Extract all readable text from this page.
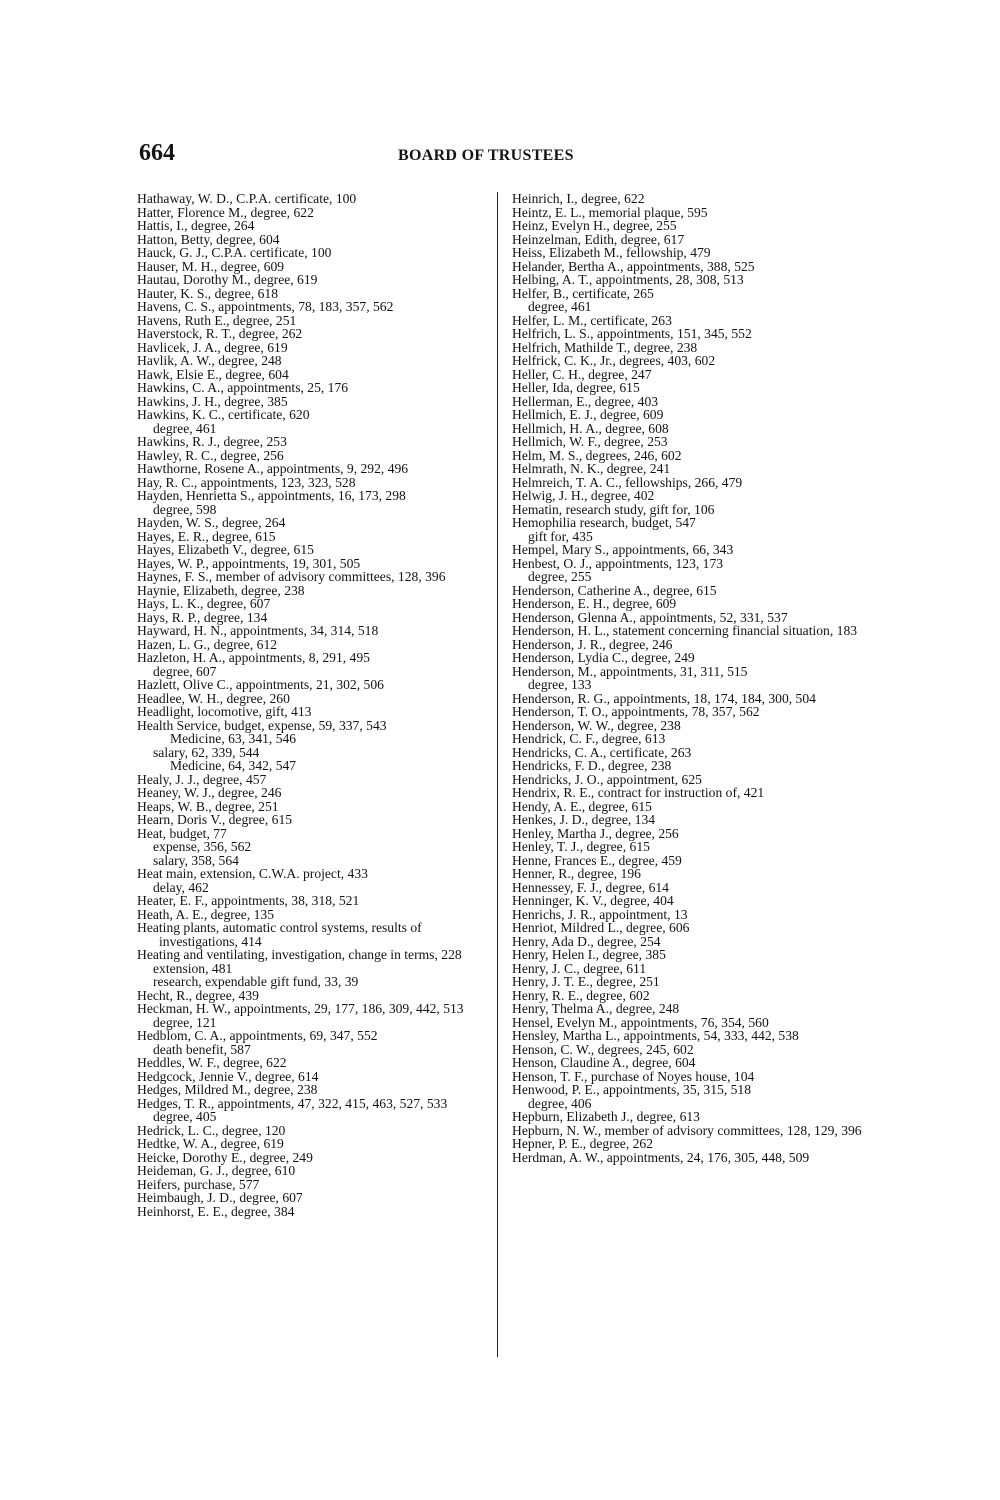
664	BOARD OF TRUSTEES
Hathaway, W. D., C.P.A. certificate, 100
Hatter, Florence M., degree, 622
Hattis, I., degree, 264
Hatton, Betty, degree, 604
Hauck, G. J., C.P.A. certificate, 100
Hauser, M. H., degree, 609
Hautau, Dorothy M., degree, 619
Hauter, K. S., degree, 618
Havens, C. S., appointments, 78, 183, 357, 562
Havens, Ruth E., degree, 251
Haverstock, R. T., degree, 262
Havlicek, J. A., degree, 619
Havlik, A. W., degree, 248
Hawk, Elsie E., degree, 604
Hawkins, C. A., appointments, 25, 176
Hawkins, J. H., degree, 385
Hawkins, K. C., certificate, 620
degree, 461
Hawkins, R. J., degree, 253
Hawley, R. C., degree, 256
Hawthorne, Rosene A., appointments, 9, 292, 496
Hay, R. C., appointments, 123, 323, 528
Hayden, Henrietta S., appointments, 16, 173, 298
degree, 598
Hayden, W. S., degree, 264
Hayes, E. R., degree, 615
Hayes, Elizabeth V., degree, 615
Hayes, W. P., appointments, 19, 301, 505
Haynes, F. S., member of advisory committees, 128, 396
Haynie, Elizabeth, degree, 238
Hays, L. K., degree, 607
Hays, R. P., degree, 134
Hayward, H. N., appointments, 34, 314, 518
Hazen, L. G., degree, 612
Hazleton, H. A., appointments, 8, 291, 495
degree, 607
Hazlett, Olive C., appointments, 21, 302, 506
Headlee, W. H., degree, 260
Headlight, locomotive, gift, 413
Health Service, budget, expense, 59, 337, 543
Medicine, 63, 341, 546
salary, 62, 339, 544
Medicine, 64, 342, 547
Healy, J. J., degree, 457
Heaney, W. J., degree, 246
Heaps, W. B., degree, 251
Hearn, Doris V., degree, 615
Heat, budget, 77
expense, 356, 562
salary, 358, 564
Heat main, extension, C.W.A. project, 433
delay, 462
Heater, E. F., appointments, 38, 318, 521
Heath, A. E., degree, 135
Heating plants, automatic control systems, results of investigations, 414
Heating and ventilating, investigation, change in terms, 228
extension, 481
research, expendable gift fund, 33, 39
Hecht, R., degree, 439
Heckman, H. W., appointments, 29, 177, 186, 309, 442, 513
degree, 121
Hedblom, C. A., appointments, 69, 347, 552
death benefit, 587
Heddles, W. F., degree, 622
Hedgcock, Jennie V., degree, 614
Hedges, Mildred M., degree, 238
Hedges, T. R., appointments, 47, 322, 415, 463, 527, 533
degree, 405
Hedrick, L. C., degree, 120
Hedtke, W. A., degree, 619
Heicke, Dorothy E., degree, 249
Heideman, G. J., degree, 610
Heifers, purchase, 577
Heimbaugh, J. D., degree, 607
Heinhorst, E. E., degree, 384
Heinrich, I., degree, 622
Heintz, E. L., memorial plaque, 595
Heinz, Evelyn H., degree, 255
Heinzelman, Edith, degree, 617
Heiss, Elizabeth M., fellowship, 479
Helander, Bertha A., appointments, 388, 525
Helbing, A. T., appointments, 28, 308, 513
Helfer, B., certificate, 265
degree, 461
Helfer, L. M., certificate, 263
Helfrich, L. S., appointments, 151, 345, 552
Helfrich, Mathilde T., degree, 238
Helfrick, C. K., Jr., degrees, 403, 602
Heller, C. H., degree, 247
Heller, Ida, degree, 615
Hellerman, E., degree, 403
Hellmich, E. J., degree, 609
Hellmich, H. A., degree, 608
Hellmich, W. F., degree, 253
Helm, M. S., degrees, 246, 602
Helmrath, N. K., degree, 241
Helmreich, T. A. C., fellowships, 266, 479
Helwig, J. H., degree, 402
Hematin, research study, gift for, 106
Hemophilia research, budget, 547
gift for, 435
Hempel, Mary S., appointments, 66, 343
Henbest, O. J., appointments, 123, 173
degree, 255
Henderson, Catherine A., degree, 615
Henderson, E. H., degree, 609
Henderson, Glenna A., appointments, 52, 331, 537
Henderson, H. L., statement concerning financial situation, 183
Henderson, J. R., degree, 246
Henderson, Lydia C., degree, 249
Henderson, M., appointments, 31, 311, 515
degree, 133
Henderson, R. G., appointments, 18, 174, 184, 300, 504
Henderson, T. O., appointments, 78, 357, 562
Henderson, W. W., degree, 238
Hendrick, C. F., degree, 613
Hendricks, C. A., certificate, 263
Hendricks, F. D., degree, 238
Hendricks, J. O., appointment, 625
Hendrix, R. E., contract for instruction of, 421
Hendy, A. E., degree, 615
Henkes, J. D., degree, 134
Henley, Martha J., degree, 256
Henley, T. J., degree, 615
Henne, Frances E., degree, 459
Henner, R., degree, 196
Hennessey, F. J., degree, 614
Henninger, K. V., degree, 404
Henrichs, J. R., appointment, 13
Henriot, Mildred L., degree, 606
Henry, Ada D., degree, 254
Henry, Helen I., degree, 385
Henry, J. C., degree, 611
Henry, J. T. E., degree, 251
Henry, R. E., degree, 602
Henry, Thelma A., degree, 248
Hensel, Evelyn M., appointments, 76, 354, 560
Hensley, Martha L., appointments, 54, 333, 442, 538
Henson, C. W., degrees, 245, 602
Henson, Claudine A., degree, 604
Henson, T. F., purchase of Noyes house, 104
Henwood, P. E., appointments, 35, 315, 518
degree, 406
Hepburn, Elizabeth J., degree, 613
Hepburn, N. W., member of advisory committees, 128, 129, 396
Hepner, P. E., degree, 262
Herdman, A. W., appointments, 24, 176, 305, 448, 509
